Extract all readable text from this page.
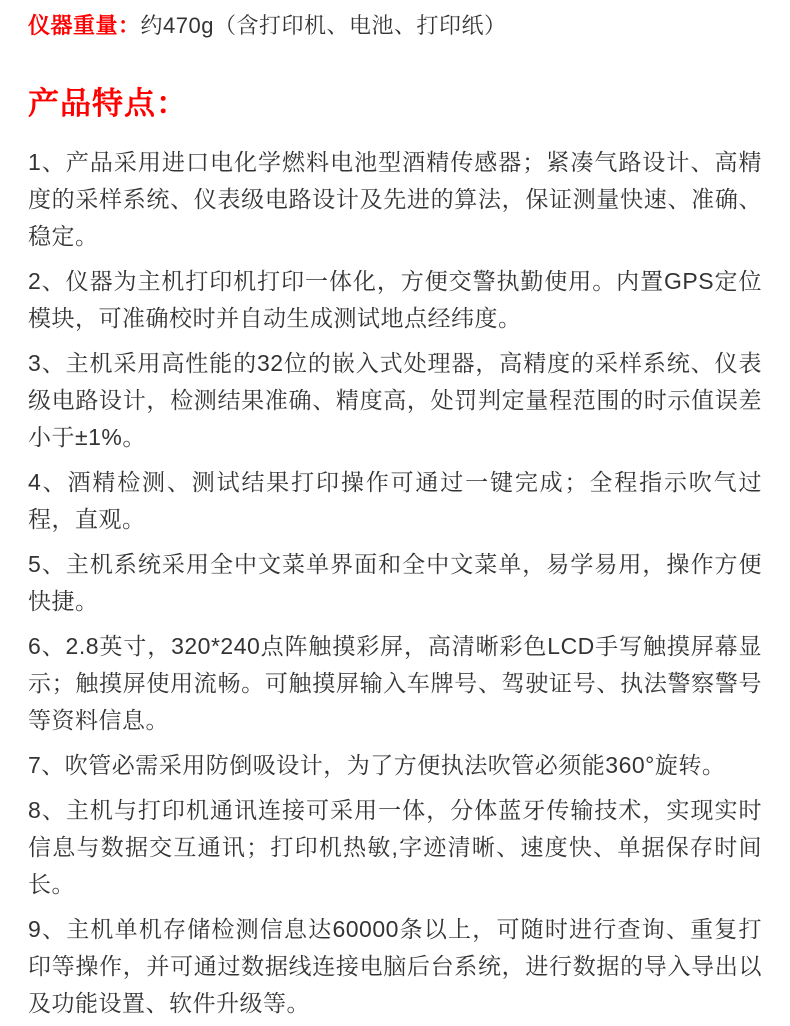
仪器重量：约470g（含打印机、电池、打印纸）

产品特点：

1、产品采用进口电化学燃料电池型酒精传感器；紧凑气路设计、高精度的采样系统、仪表级电路设计及先进的算法，保证测量快速、准确、稳定。

2、仪器为主机打印机打印一体化，方便交警执勤使用。内置GPS定位模块，可准确校时并自动生成测试地点经纬度。

3、主机采用高性能的32位的嵌入式处理器，高精度的采样系统、仪表级电路设计，检测结果准确、精度高，处罚判定量程范围的时示值误差小于±1%。

4、酒精检测、测试结果打印操作可通过一键完成；全程指示吹气过程，直观。

5、主机系统采用全中文菜单界面和全中文菜单，易学易用，操作方便快捷。

6、2.8英寸，320*240点阵触摸彩屏，高清晰彩色LCD手写触摸屏幕显示；触摸屏使用流畅。可触摸屏输入车牌号、驾驶证号、执法警察警号等资料信息。

7、吹管必需采用防倒吸设计，为了方便执法吹管必须能360°旋转。

8、主机与打印机通讯连接可采用一体，分体蓝牙传输技术，实现实时信息与数据交互通讯；打印机热敏,字迹清晰、速度快、单据保存时间长。

9、主机单机存储检测信息达60000条以上，可随时进行查询、重复打印等操作，并可通过数据线连接电脑后台系统，进行数据的导入导出以及功能设置、软件升级等。
